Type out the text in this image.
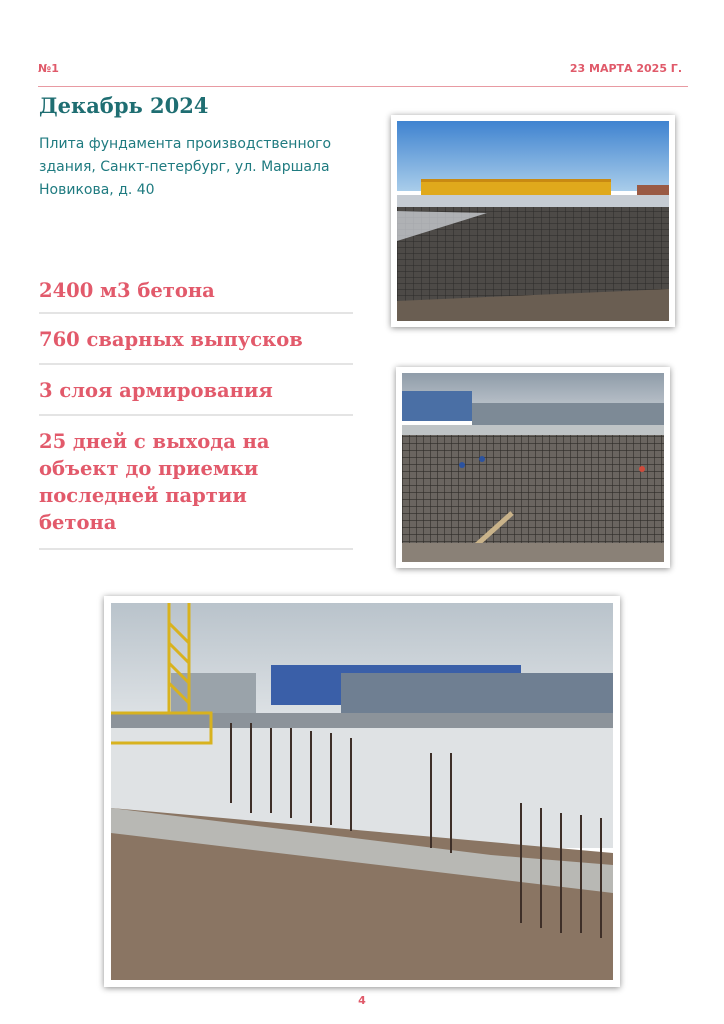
№1	23 МАРТА 2025 Г.
Декабрь 2024
Плита фундамента производственного здания, Санкт-петербург, ул. Маршала Новикова, д. 40
2400 м3 бетона
760 сварных выпусков
3 слоя армирования
25 дней с выхода на
объект до приемки
последней партии
бетона
4
